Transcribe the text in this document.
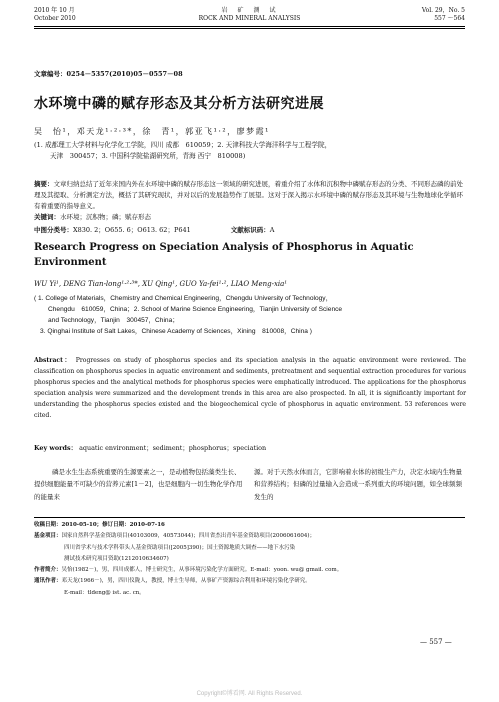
2010 年 10 月
October 2010
岩　矿　测　试
ROCK AND MINERAL ANALYSIS
Vol. 29，No. 5
557 ～564
文章编号：0254－5357(2010)05－0557－08
水环境中磷的赋存形态及其分析方法研究进展
吴　怡¹，邓天龙¹·²·³*，徐　青¹，郭亚飞¹·²，廖梦霞¹
(1. 成都理工大学材料与化学化工学院，四川 成都　610059；2. 天津科技大学海洋科学与工程学院，
天津　300457；3. 中国科学院盐湖研究所，青海 西宁　810008)
摘要：文章归纳总结了近年来国内外在水环境中磷的赋存形态这一领域的研究进展，着重介绍了水体和沉积物中磷赋存形态的分类、不同形态磷的前处理及其提取、分析测定方法，概括了其研究现状，并对以后的发展趋势作了展望。这对于深入揭示水环境中磷的赋存形态及其环境与生物地球化学循环有着重要的指导意义。
关键词：水环境；沉积物；磷；赋存形态
中图分类号：X830. 2；O655. 6；O613. 62；P641	文献标识码：A
Research Progress on Speciation Analysis of Phosphorus in Aquatic Environment
WU Yi¹, DENG Tian-long¹·²·³*, XU Qing¹, GUO Ya-fei¹·², LIAO Meng-xia¹
( 1. College of Materials，Chemistry and Chemical Engineering，Chengdu University of Technology，
Chengdu　610059，China；2. School of Marine Science Engineering，Tianjin University of Science
and Technology，Tianjin　300457，China；
3. Qinghai Institute of Salt Lakes，Chinese Academy of Sciences，Xining　810008，China )
Abstract： Progresses on study of phosphorus species and its speciation analysis in the aquatic environment were reviewed. The classification on phosphorus species in aquatic environment and sediments, pretreatment and sequential extraction procedures for various phosphorus species and the analytical methods for phosphorus species were emphatically introduced. The applications for the phosphorus speciation analysis were summarized and the development trends in this area are also prospected. In all, it is significantly important for understanding the phosphorus species existed and the biogeochemical cycle of phosphorus in aquatic environment. 53 references were cited.
Key words： aquatic environment；sediment；phosphorus；speciation
磷是水生生态系统重要的生源要素之一，是动植物包括藻类生长、提供细胞能量不可缺少的营养元素[1－2]，也是细胞内一切生物化学作用的能量来
源。对于天然水体而言，它影响着水体的初级生产力，决定水域内生物量和营养结构；但磷的过量输入会造成一系列重大的环境问题，如全球频频发生的
收稿日期：2010-05-10；修订日期：2010-07-16
基金项目：国家自然科学基金资助项目(40103009，40573044)；四川省杰出青年基金资助项目(2006061604)；
四川省学术与技术学科带头人基金资助项目([2005]390)；国土资源地质大调查——地下水污染
测试技术研究项目资助(1212010634607)
作者简介：吴怡(1982－)，男，四川成都人，博士研究生，从事环境污染化学方面研究。E-mail：yoon. wu@ gmail. com。
通讯作者：邓天龙(1966－)，男，四川仪陇人，教授，博士生导师，从事矿产资源综合利用和环境污染化学研究。
E-mail：tldeng@ ist. ac. cn。
— 557 —
Copyright©博看网. All Rights Reserved.
